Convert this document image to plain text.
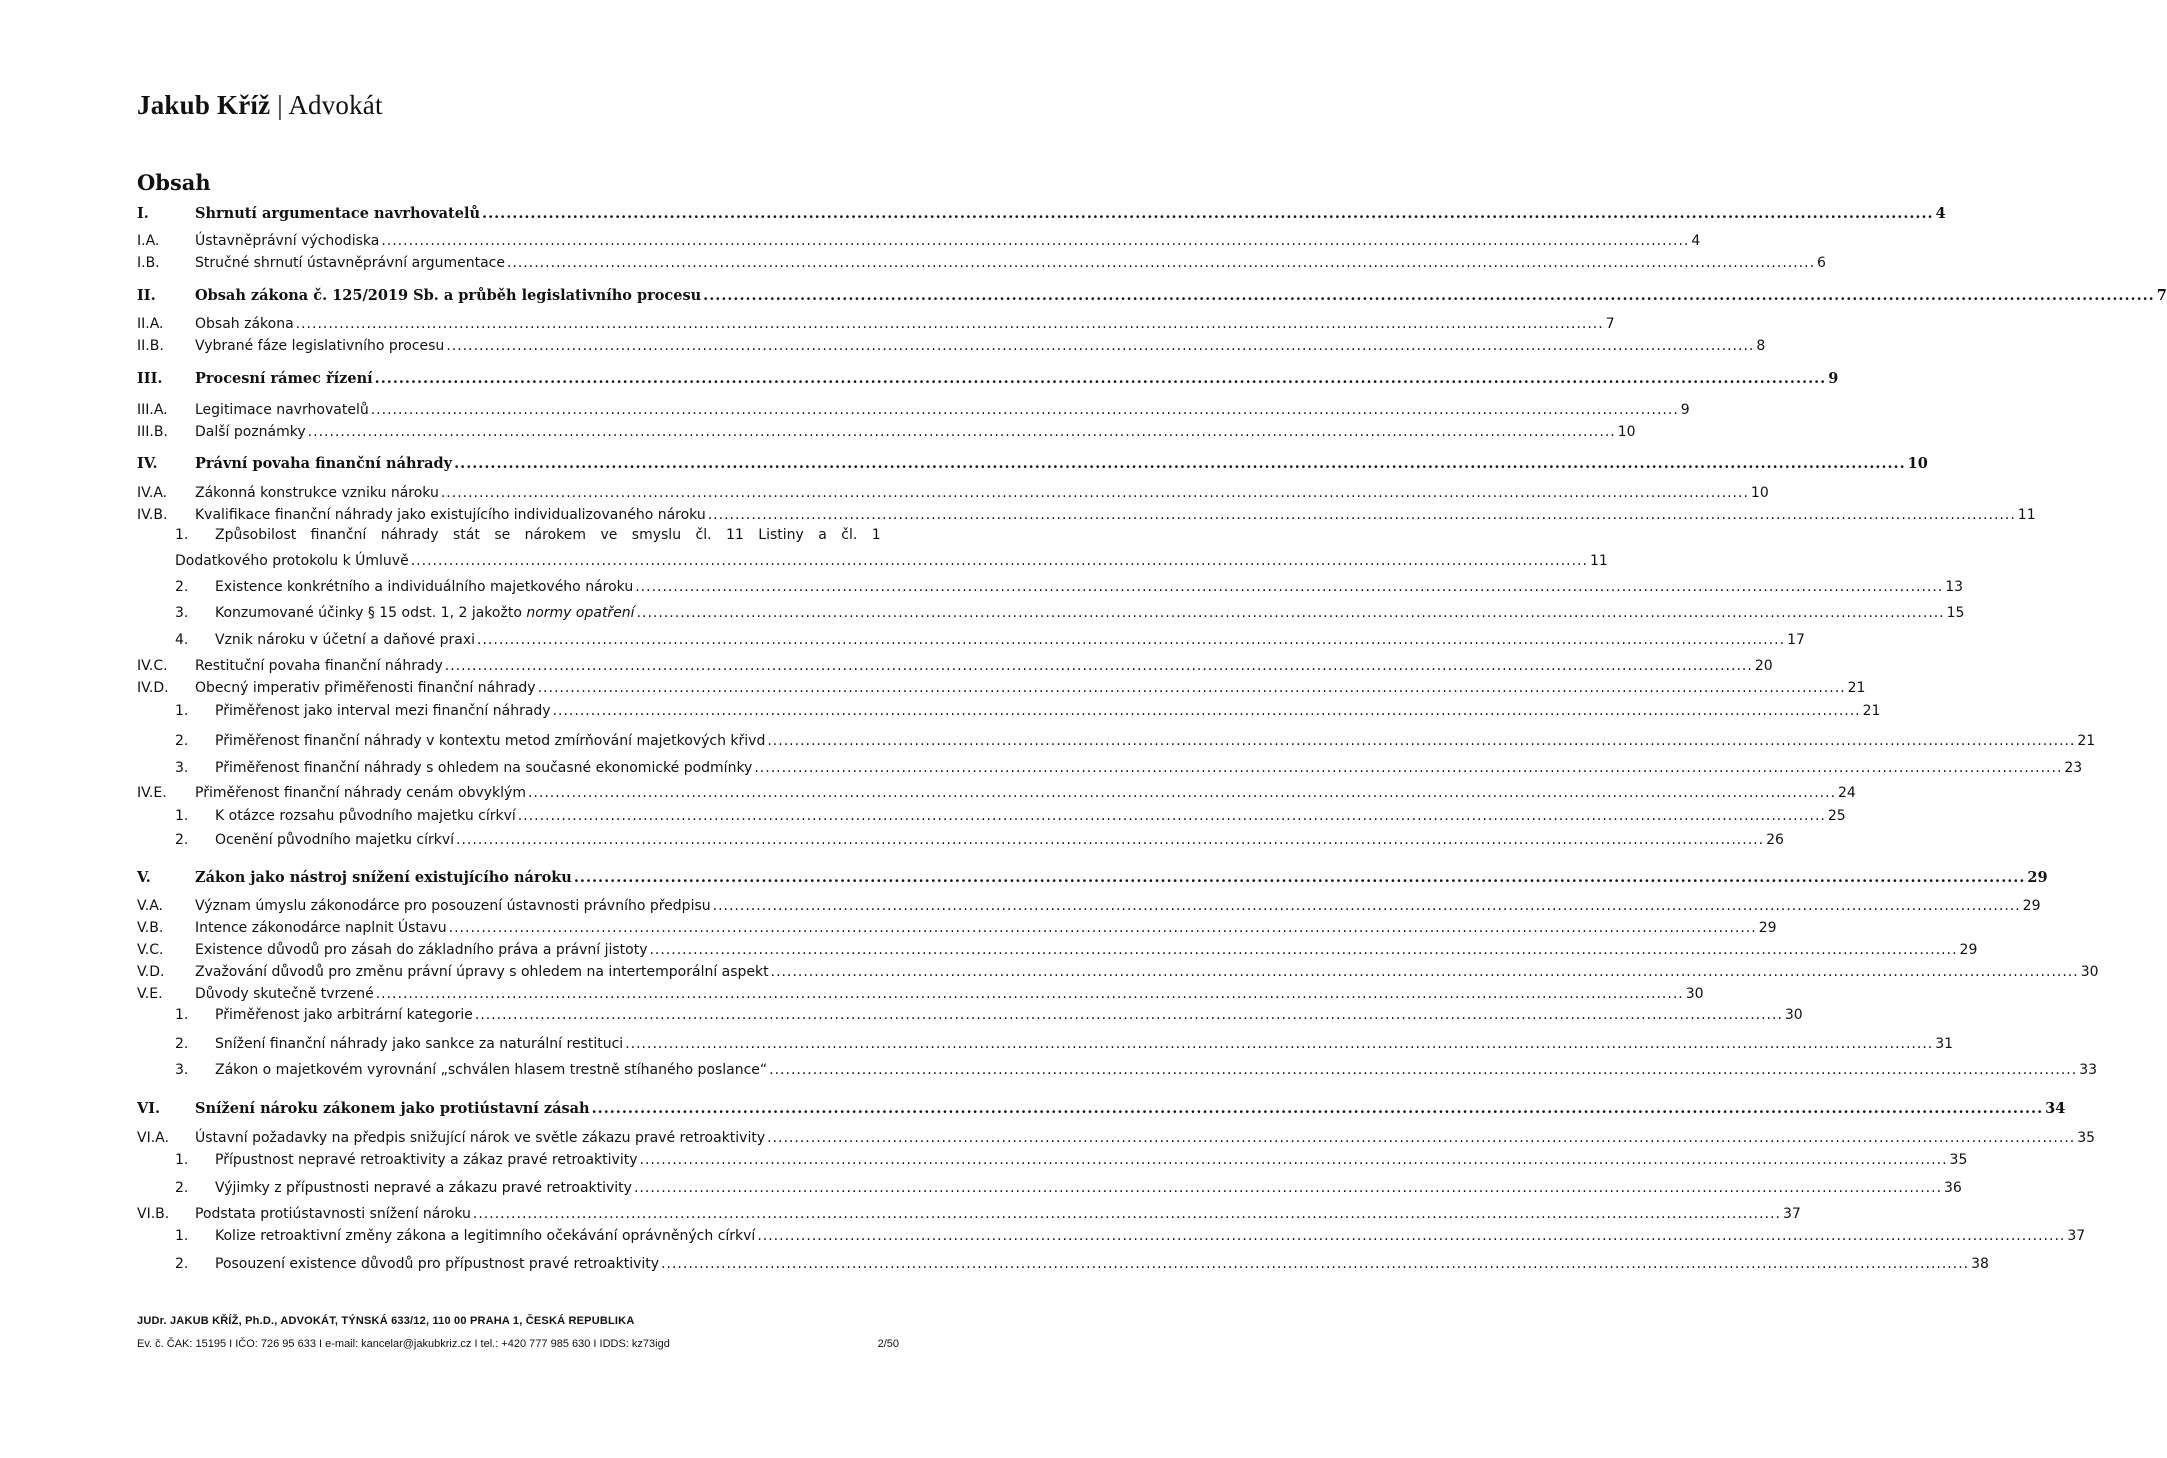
Jakub Kříž | Advokát
Obsah
I.	Shrnutí argumentace navrhovatelů .....	4
I.A.	Ústavněprávní východiska .....	4
I.B.	Stručné shrnutí ústavněprávní argumentace .....	6
II.	Obsah zákona č. 125/2019 Sb. a průběh legislativního procesu .....	7
II.A.	Obsah zákona .....	7
II.B.	Vybrané fáze legislativního procesu .....	8
III.	Procesní rámec řízení .....	9
III.A.	Legitimace navrhovatelů .....	9
III.B.	Další poznámky .....	10
IV.	Právní povaha finanční náhrady .....	10
IV.A.	Zákonná konstrukce vzniku nároku .....	10
IV.B.	Kvalifikace finanční náhrady jako existujícího individualizovaného nároku .....	11
1.	Způsobilost finanční náhrady stát se nárokem ve smyslu čl. 11 Listiny a čl. 1
Dodatkového protokolu k Úmluvě .....	11
2.	Existence konkrétního a individuálního majetkového nároku .....	13
3.	Konzumované účinky § 15 odst. 1, 2 jakožto normy opatření .....	15
4.	Vznik nároku v účetní a daňové praxi .....	17
IV.C.	Restituční povaha finanční náhrady .....	20
IV.D.	Obecný imperativ přiměřenosti finanční náhrady .....	21
1.	Přiměřenost jako interval mezi finanční náhrady .....	21
2.	Přiměřenost finanční náhrady v kontextu metod zmírňování majetkových křivd .....	21
3.	Přiměřenost finanční náhrady s ohledem na současné ekonomické podmínky .....	23
IV.E.	Přiměřenost finanční náhrady cenám obvyklým .....	24
1.	K otázce rozsahu původního majetku církví .....	25
2.	Ocenění původního majetku církví .....	26
V.	Zákon jako nástroj snížení existujícího nároku .....	29
V.A.	Význam úmyslu zákonodárce pro posouzení ústavnosti právního předpisu .....	29
V.B.	Intence zákonodárce naplnit Ústavu .....	29
V.C.	Existence důvodů pro zásah do základního práva a právní jistoty .....	29
V.D.	Zvažování důvodů pro změnu právní úpravy s ohledem na intertemporální aspekt .....	30
V.E.	Důvody skutečně tvrzené .....	30
1.	Přiměřenost jako arbitrární kategorie .....	30
2.	Snížení finanční náhrady jako sankce za naturální restituci .....	31
3.	Zákon o majetkovém vyrovnání „schválen hlasem trestně stíhaného poslance“ .....	33
VI.	Snížení nároku zákonem jako protiústavní zásah .....	34
VI.A.	Ústavní požadavky na předpis snižující nárok ve světle zákazu pravé retroaktivity .....	35
1.	Přípustnost nepravé retroaktivity a zákaz pravé retroaktivity .....	35
2.	Výjimky z přípustnosti nepravé a zákazu pravé retroaktivity .....	36
VI.B.	Podstata protiústavnosti snížení nároku .....	37
1.	Kolize retroaktivní změny zákona a legitimního očekávání oprávněných církví .....	37
2.	Posouzení existence důvodů pro přípustnost pravé retroaktivity .....	38
JUDr. JAKUB KŘÍŽ, Ph.D., ADVOKÁT, TÝNSKÁ 633/12, 110 00 PRAHA 1, ČESKÁ REPUBLIKA
Ev. č. ČAK: 15195 I IČO: 726 95 633 I e-mail: kancelar@jakubkriz.cz I tel.: +420 777 985 630 I IDDS: kz73igd	2/50
